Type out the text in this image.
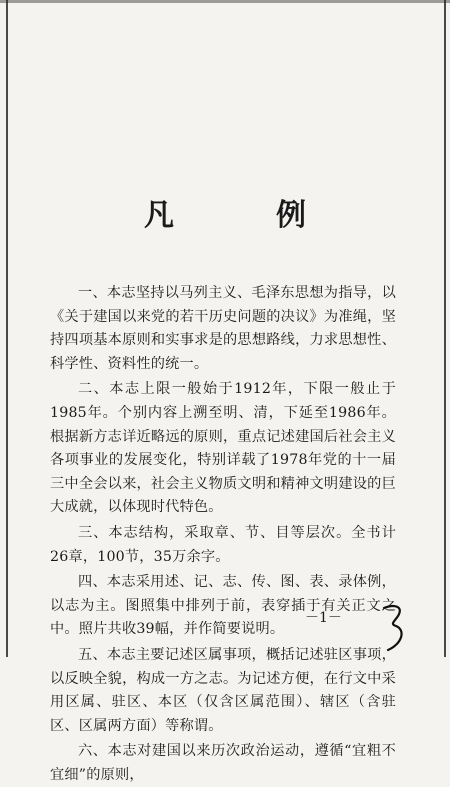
凡　例

一、本志坚持以马列主义、毛泽东思想为指导，以《关于建国以来党的若干历史问题的决议》为准绳，坚持四项基本原则和实事求是的思想路线，力求思想性、科学性、资料性的统一。

二、本志上限一般始于1912年，下限一般止于1985年。个别内容上溯至明、清，下延至1986年。根据新方志详近略远的原则，重点记述建国后社会主义各项事业的发展变化，特别详载了1978年党的十一届三中全会以来，社会主义物质文明和精神文明建设的巨大成就，以体现时代特色。

三、本志结构，采取章、节、目等层次。全书计26章，100节，35万余字。

四、本志采用述、记、志、传、图、表、录体例，以志为主。图照集中排列于前，表穿插于有关正文之中。照片共收39幅，并作简要说明。

五、本志主要记述区属事项，概括记述驻区事项，以反映全貌，构成一方之志。为记述方便，在行文中采用区属、驻区、本区（仅含区属范围）、辖区（含驻区、区属两方面）等称谓。

六、本志对建国以来历次政治运动，遵循“宜粗不宜细”的原则，

－1－
